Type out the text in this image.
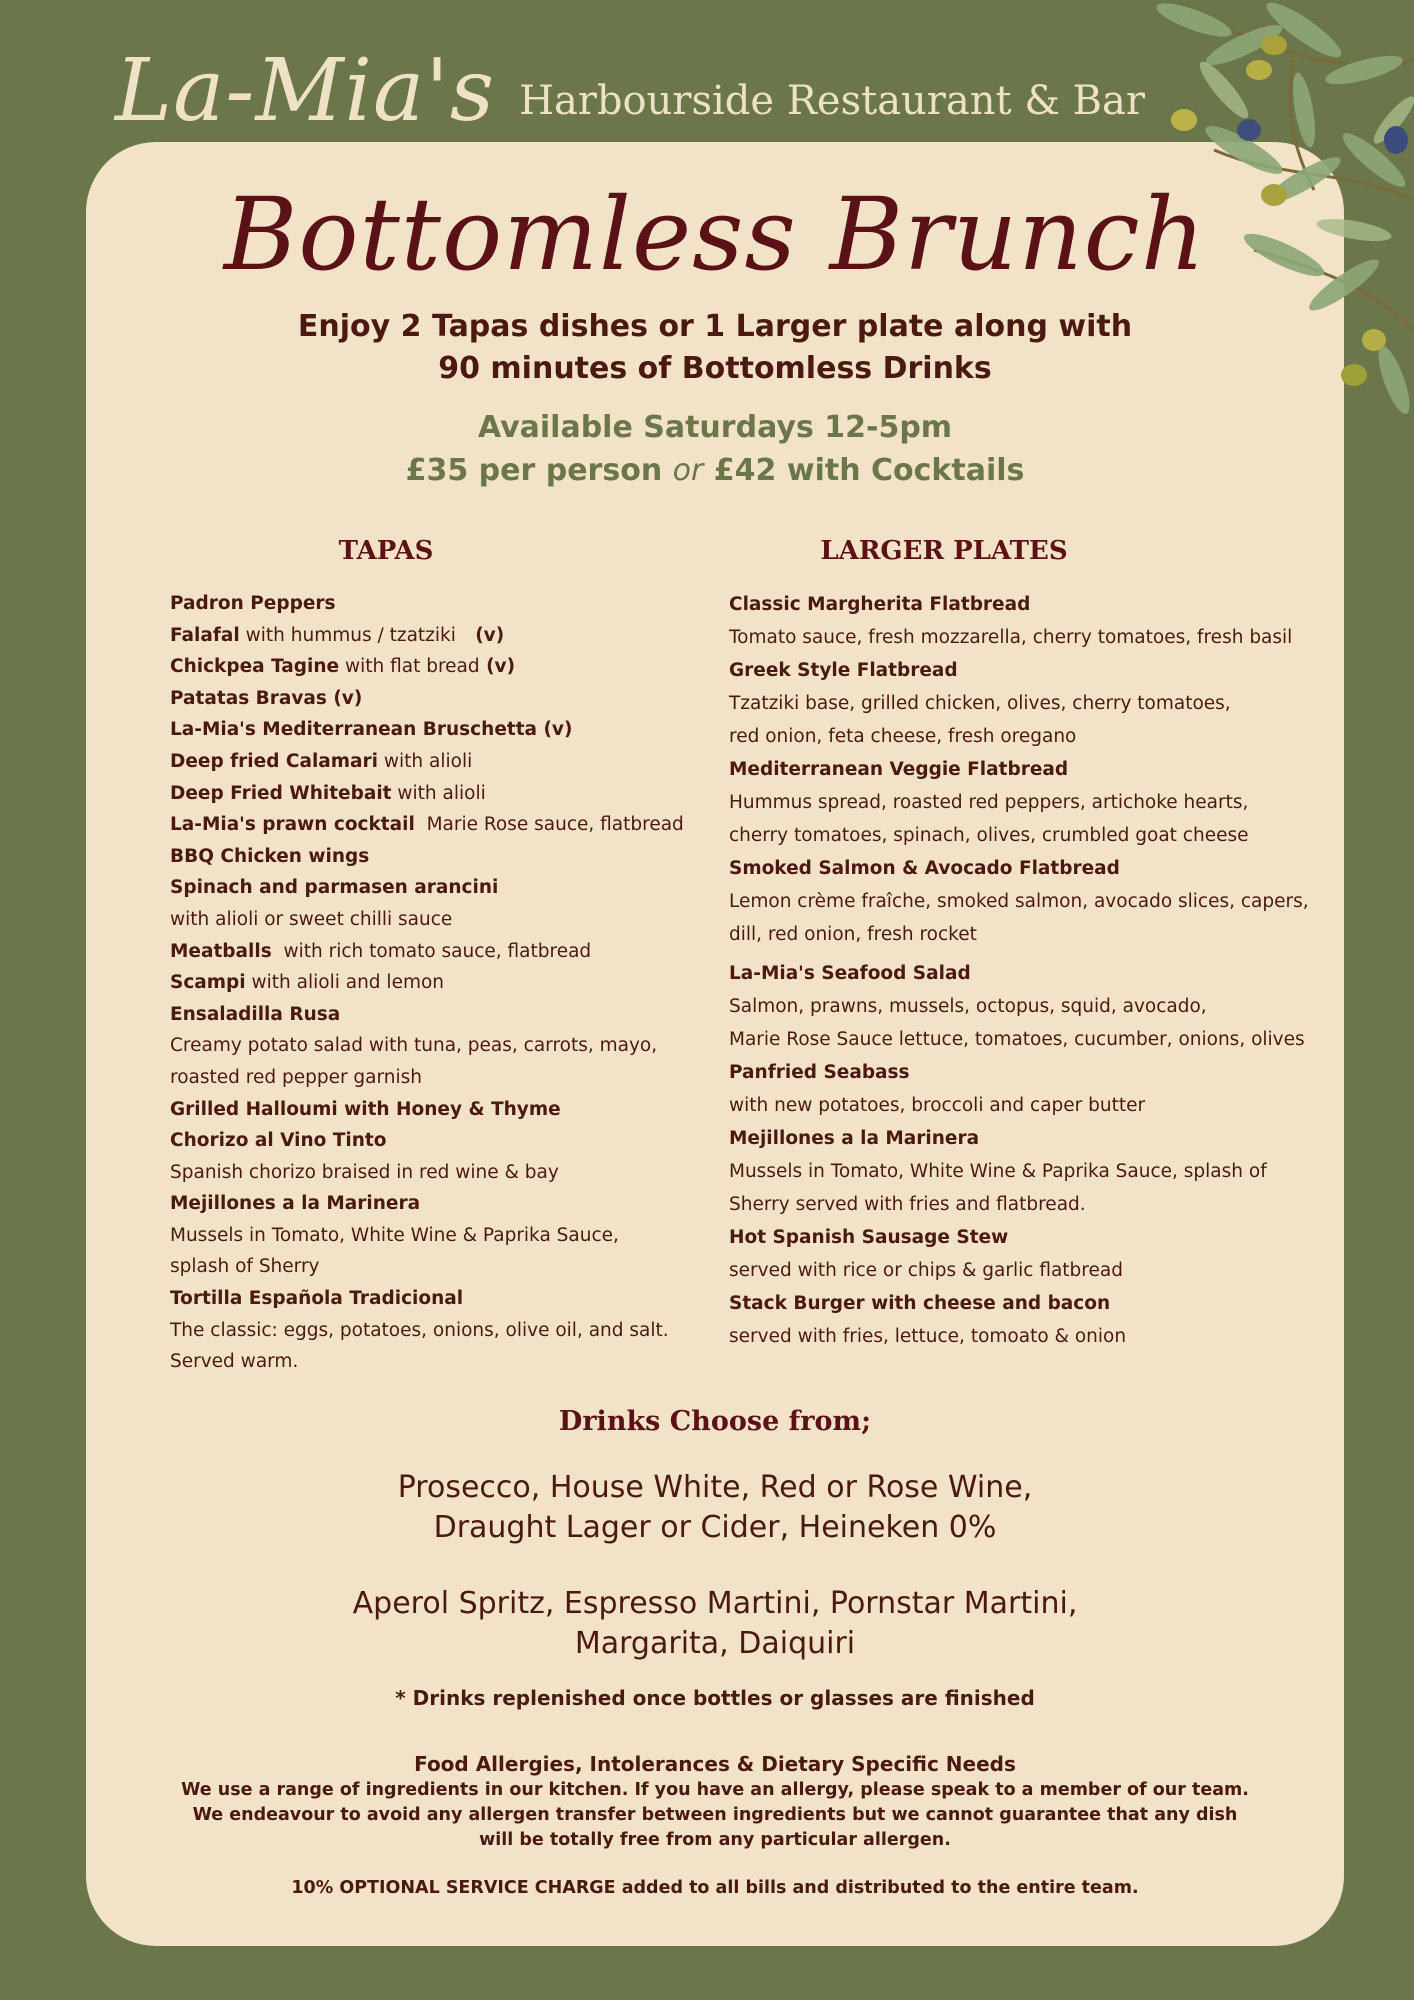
La-Mia's Harbourside Restaurant & Bar
Bottomless Brunch
Enjoy 2 Tapas dishes or 1 Larger plate along with
90 minutes of Bottomless Drinks
Available Saturdays 12-5pm
£35 per person or £42 with Cocktails
TAPAS	LARGER PLATES
Padron Peppers
Falafal with hummus / tzatziki   (v)
Chickpea Tagine with flat bread (v)
Patatas Bravas (v)
La-Mia's Mediterranean Bruschetta (v)
Deep fried Calamari with alioli
Deep Fried Whitebait with alioli
La-Mia's prawn cocktail  Marie Rose sauce, flatbread
BBQ Chicken wings
Spinach and parmasen arancini
with alioli or sweet chilli sauce
Meatballs  with rich tomato sauce, flatbread
Scampi with alioli and lemon
Ensaladilla Rusa
Creamy potato salad with tuna, peas, carrots, mayo,
roasted red pepper garnish
Grilled Halloumi with Honey & Thyme
Chorizo al Vino Tinto
Spanish chorizo braised in red wine & bay
Mejillones a la Marinera
Mussels in Tomato, White Wine & Paprika Sauce,
splash of Sherry
Tortilla Española Tradicional
The classic: eggs, potatoes, onions, olive oil, and salt.
Served warm.
Classic Margherita Flatbread
Tomato sauce, fresh mozzarella, cherry tomatoes, fresh basil
Greek Style Flatbread
Tzatziki base, grilled chicken, olives, cherry tomatoes,
red onion, feta cheese, fresh oregano
Mediterranean Veggie Flatbread
Hummus spread, roasted red peppers, artichoke hearts,
cherry tomatoes, spinach, olives, crumbled goat cheese
Smoked Salmon & Avocado Flatbread
Lemon crème fraîche, smoked salmon, avocado slices, capers,
dill, red onion, fresh rocket
La-Mia's Seafood Salad
Salmon, prawns, mussels, octopus, squid, avocado,
Marie Rose Sauce lettuce, tomatoes, cucumber, onions, olives
Panfried Seabass
with new potatoes, broccoli and caper butter
Mejillones a la Marinera
Mussels in Tomato, White Wine & Paprika Sauce, splash of
Sherry served with fries and flatbread.
Hot Spanish Sausage Stew
served with rice or chips & garlic flatbread
Stack Burger with cheese and bacon
served with fries, lettuce, tomoato & onion
Drinks Choose from;
Prosecco, House White, Red or Rose Wine,
Draught Lager or Cider, Heineken 0%
Aperol Spritz, Espresso Martini, Pornstar Martini,
Margarita, Daiquiri
* Drinks replenished once bottles or glasses are finished
Food Allergies, Intolerances & Dietary Specific Needs
We use a range of ingredients in our kitchen. If you have an allergy, please speak to a member of our team. We endeavour to avoid any allergen transfer between ingredients but we cannot guarantee that any dish will be totally free from any particular allergen.
10% OPTIONAL SERVICE CHARGE added to all bills and distributed to the entire team.
